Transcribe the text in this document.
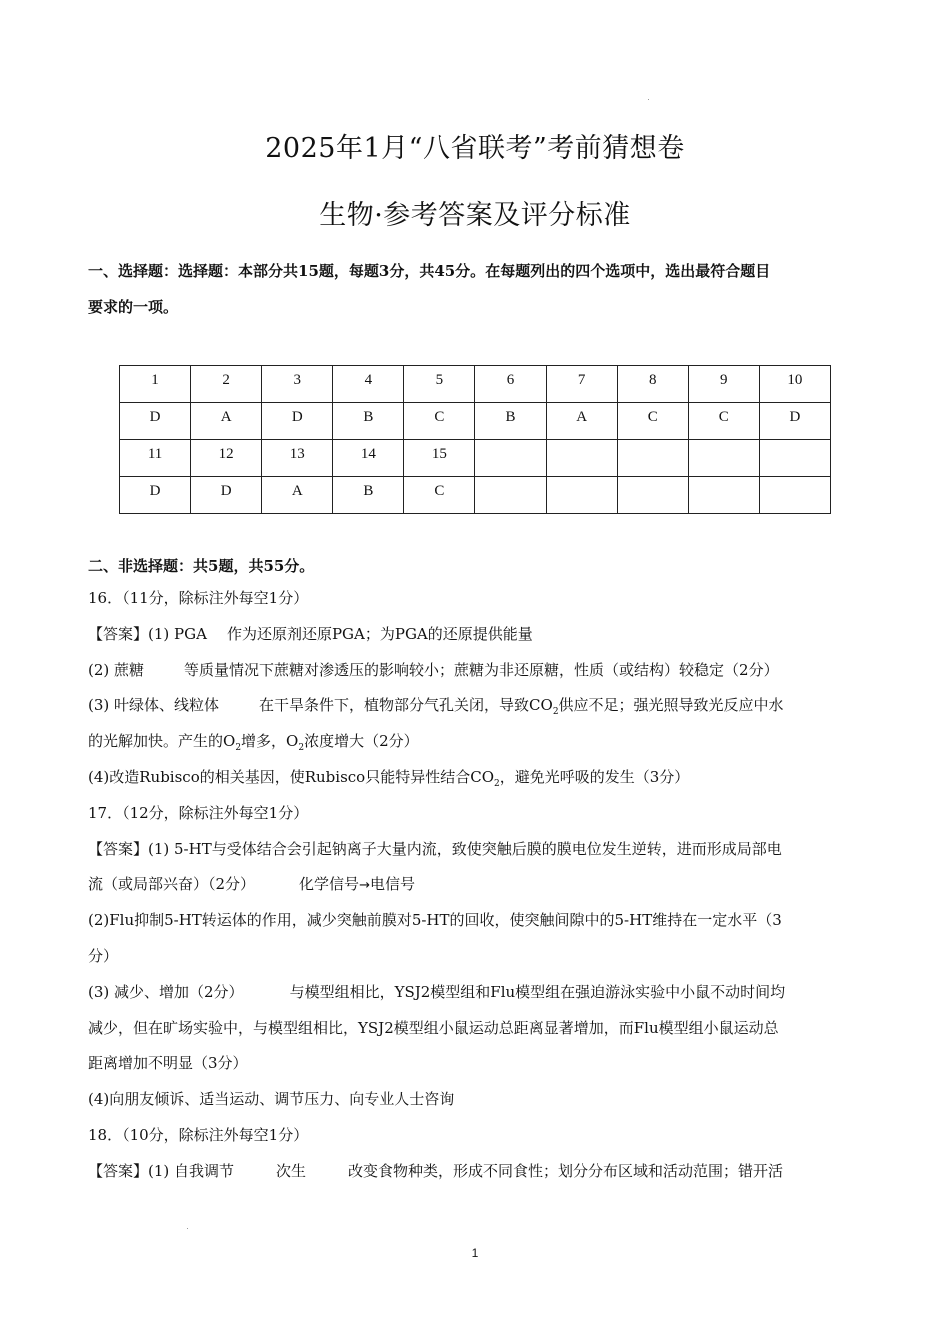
2025年1月“八省联考”考前猜想卷
生物·参考答案及评分标准
一、选择题：选择题：本部分共15题，每题3分，共45分。在每题列出的四个选项中，选出最符合题目
要求的一项。
1	2	3	4	5	6	7	8	9	10
D	A	D	B	C	B	A	C	C	D
11	12	13	14	15					
D	D	A	B	C					
二、非选择题：共5题，共55分。
16．（11分，除标注外每空1分）
【答案】(1) PGA 作为还原剂还原PGA；为PGA的还原提供能量
(2) 蔗糖	等质量情况下蔗糖对渗透压的影响较小；蔗糖为非还原糖，性质（或结构）较稳定（2分）
(3) 叶绿体、线粒体	在干旱条件下，植物部分气孔关闭，导致$CO_2$供应不足；强光照导致光反应中水
的光解加快。产生的$O_2$增多，$O_2$浓度增大（2分）
(4)改造Rubisco的相关基因，使Rubisco只能特异性结合$CO_2$，避免光呼吸的发生（3分）
17．（12分，除标注外每空1分）
【答案】(1) 5-HT与受体结合会引起钠离子大量内流，致使突触后膜的膜电位发生逆转，进而形成局部电
流（或局部兴奋）（2分）	化学信号→电信号
(2)Flu抑制5-HT转运体的作用，减少突触前膜对5-HT的回收，使突触间隙中的5-HT维持在一定水平（3
分）
(3) 减少、增加（2分）	与模型组相比，YSJ2模型组和Flu模型组在强迫游泳实验中小鼠不动时间均
减少，但在旷场实验中，与模型组相比，YSJ2模型组小鼠运动总距离显著增加，而Flu模型组小鼠运动总
距离增加不明显（3分）
(4)向朋友倾诉、适当运动、调节压力、向专业人士咨询
18．（10分，除标注外每空1分）
【答案】(1) 自我调节	次生	改变食物种类，形成不同食性；划分分布区域和活动范围；错开活
1
